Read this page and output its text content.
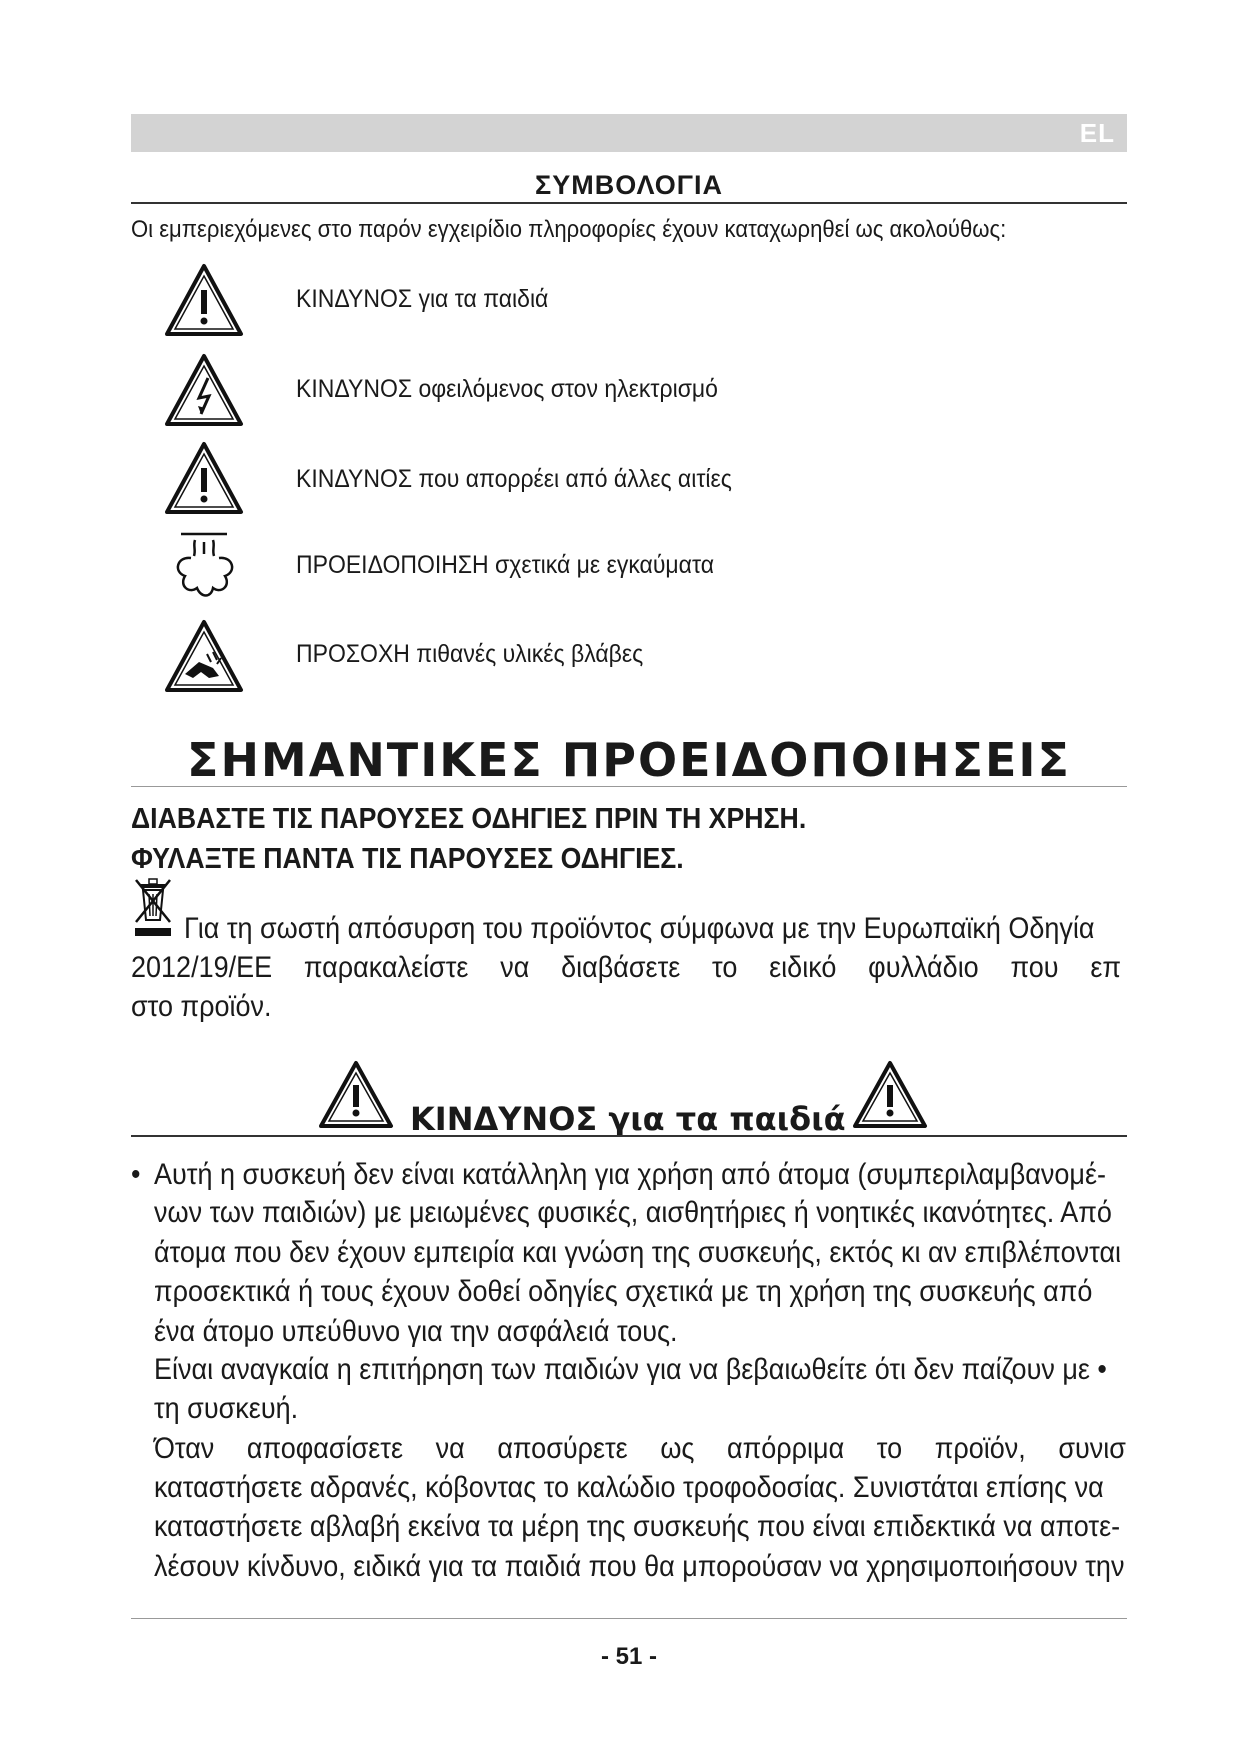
EL
ΣΥΜΒΟΛΟΓΙΑ
Οι εμπεριεχόμενες στο παρόν εγχειρίδιο πληροφορίες έχουν καταχωρηθεί ως ακολούθως:
ΚΙΝΔΥΝΟΣ για τα παιδιά
ΚΙΝΔΥΝΟΣ οφειλόμενος στον ηλεκτρισμό
ΚΙΝΔΥΝΟΣ που απορρέει από άλλες αιτίες
ΠΡΟΕΙΔΟΠΟΙΗΣΗ σχετικά με εγκαύματα
ΠΡΟΣΟΧΗ πιθανές υλικές βλάβες
ΣΗΜΑΝΤΙΚΕΣ ΠΡΟΕΙΔΟΠΟΙΗΣΕΙΣ
ΔΙΑΒΑΣΤΕ ΤΙΣ ΠΑΡΟΥΣΕΣ ΟΔΗΓΙΕΣ ΠΡΙΝ ΤΗ ΧΡΗΣΗ.
ΦΥΛΑΞΤΕ ΠΑΝΤΑ ΤΙΣ ΠΑΡΟΥΣΕΣ ΟΔΗΓΙΕΣ.
Για τη σωστή απόσυρση του προϊόντος σύμφωνα με την Ευρωπαϊκή Οδηγία
2012/19/ΕΕ παρακαλείστε να διαβάσετε το ειδικό φυλλάδιο που επ
στο προϊόν.
ΚΙΝΔΥΝΟΣ για τα παιδιά
• Αυτή η συσκευή δεν είναι κατάλληλη για χρήση από άτομα (συμπεριλαμβανομέ-
νων των παιδιών) με μειωμένες φυσικές, αισθητήριες ή νοητικές ικανότητες. Από
άτομα που δεν έχουν εμπειρία και γνώση της συσκευής, εκτός κι αν επιβλέπονται
προσεκτικά ή τους έχουν δοθεί οδηγίες σχετικά με τη χρήση της συσκευής από
ένα άτομο υπεύθυνο για την ασφάλειά τους.
Είναι αναγκαία η επιτήρηση των παιδιών για να βεβαιωθείτε ότι δεν παίζουν με •
τη συσκευή.
Όταν αποφασίσετε να αποσύρετε ως απόρριμα το προϊόν, συνισ
καταστήσετε αδρανές, κόβοντας το καλώδιο τροφοδοσίας. Συνιστάται επίσης να
καταστήσετε αβλαβή εκείνα τα μέρη της συσκευής που είναι επιδεκτικά να αποτε-
λέσουν κίνδυνο, ειδικά για τα παιδιά που θα μπορούσαν να χρησιμοποιήσουν την
- 51 -
